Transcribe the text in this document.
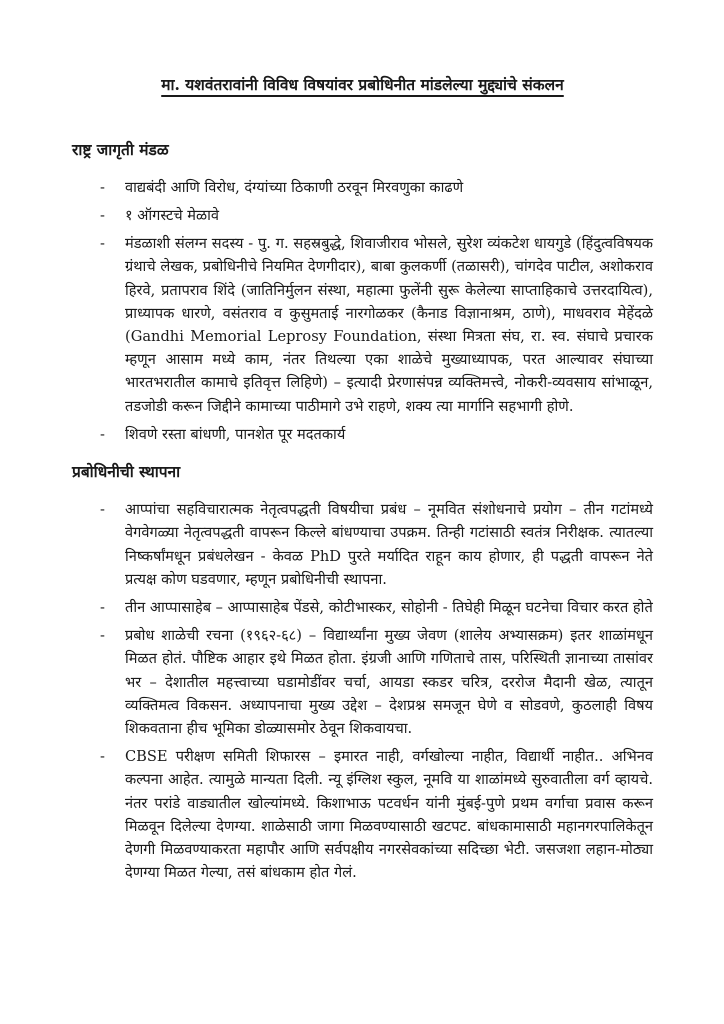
मा. यशवंतरावांनी विविध विषयांवर प्रबोधिनीत मांडलेल्या मुद्द्यांचे संकलन
राष्ट्र जागृती मंडळ
-	वाद्यबंदी आणि विरोध, दंग्यांच्या ठिकाणी ठरवून मिरवणुका काढणे
-	१ ऑगस्टचे मेळावे
-	मंडळाशी संलग्न सदस्य - पु. ग. सहस्रबुद्धे, शिवाजीराव भोसले, सुरेश व्यंकटेश धायगुडे (हिंदुत्वविषयक ग्रंथाचे लेखक, प्रबोधिनीचे नियमित देणगीदार), बाबा कुलकर्णी (तळासरी), चांगदेव पाटील, अशोकराव हिरवे, प्रतापराव शिंदे (जातिनिर्मुलन संस्था, महात्मा फुलेंनी सुरू केलेल्या साप्ताहिकाचे उत्तरदायित्व), प्राध्यापक धारणे, वसंतराव व कुसुमताई नारगोळकर (कैनाड विज्ञानाश्रम, ठाणे), माधवराव मेहेंदळे (Gandhi Memorial Leprosy Foundation, संस्था मित्रता संघ, रा. स्व. संघाचे प्रचारक म्हणून आसाम मध्ये काम, नंतर तिथल्या एका शाळेचे मुख्याध्यापक, परत आल्यावर संघाच्या भारतभरातील कामाचे इतिवृत्त लिहिणे) – इत्यादी प्रेरणासंपन्न व्यक्तिमत्त्वे, नोकरी-व्यवसाय सांभाळून, तडजोडी करून जिद्दीने कामाच्या पाठीमागे उभे राहणे, शक्य त्या मार्गानि सहभागी होणे.
-	शिवणे रस्ता बांधणी, पानशेत पूर मदतकार्य
प्रबोधिनीची स्थापना
-	आप्पांचा सहविचारात्मक नेतृत्वपद्धती विषयीचा प्रबंध – नूमवित संशोधनाचे प्रयोग – तीन गटांमध्ये वेगवेगळ्या नेतृत्वपद्धती वापरून किल्ले बांधण्याचा उपक्रम. तिन्ही गटांसाठी स्वतंत्र निरीक्षक. त्यातल्या निष्कर्षांमधून प्रबंधलेखन - केवळ PhD पुरते मर्यादित राहून काय होणार, ही पद्धती वापरून नेते प्रत्यक्ष कोण घडवणार, म्हणून प्रबोधिनीची स्थापना.
-	तीन आप्पासाहेब – आप्पासाहेब पेंडसे, कोटीभास्कर, सोहोनी - तिघेही मिळून घटनेचा विचार करत होते
-	प्रबोध शाळेची रचना (१९६२-६८) – विद्यार्थ्यांना मुख्य जेवण (शालेय अभ्यासक्रम) इतर शाळांमधून मिळत होतं. पौष्टिक आहार इथे मिळत होता. इंग्रजी आणि गणिताचे तास, परिस्थिती ज्ञानाच्या तासांवर भर – देशातील महत्त्वाच्या घडामोडींवर चर्चा, आयडा स्कडर चरित्र, दररोज मैदानी खेळ, त्यातून व्यक्तिमत्व विकसन. अध्यापनाचा मुख्य उद्देश – देशप्रश्न समजून घेणे व सोडवणे, कुठलाही विषय शिकवताना हीच भूमिका डोळ्यासमोर ठेवून शिकवायचा.
-	CBSE परीक्षण समिती शिफारस – इमारत नाही, वर्गखोल्या नाहीत, विद्यार्थी नाहीत.. अभिनव कल्पना आहेत. त्यामुळे मान्यता दिली. न्यू इंग्लिश स्कुल, नूमवि या शाळांमध्ये सुरुवातीला वर्ग व्हायचे. नंतर परांडे वाड्यातील खोल्यांमध्ये. किशाभाऊ पटवर्धन यांनी मुंबई-पुणे प्रथम वर्गाचा प्रवास करून मिळवून दिलेल्या देणग्या. शाळेसाठी जागा मिळवण्यासाठी खटपट. बांधकामासाठी महानगरपालिकेतून देणगी मिळवण्याकरता महापौर आणि सर्वपक्षीय नगरसेवकांच्या सदिच्छा भेटी. जसजशा लहान-मोठ्या देणग्या मिळत गेल्या, तसं बांधकाम होत गेलं.
